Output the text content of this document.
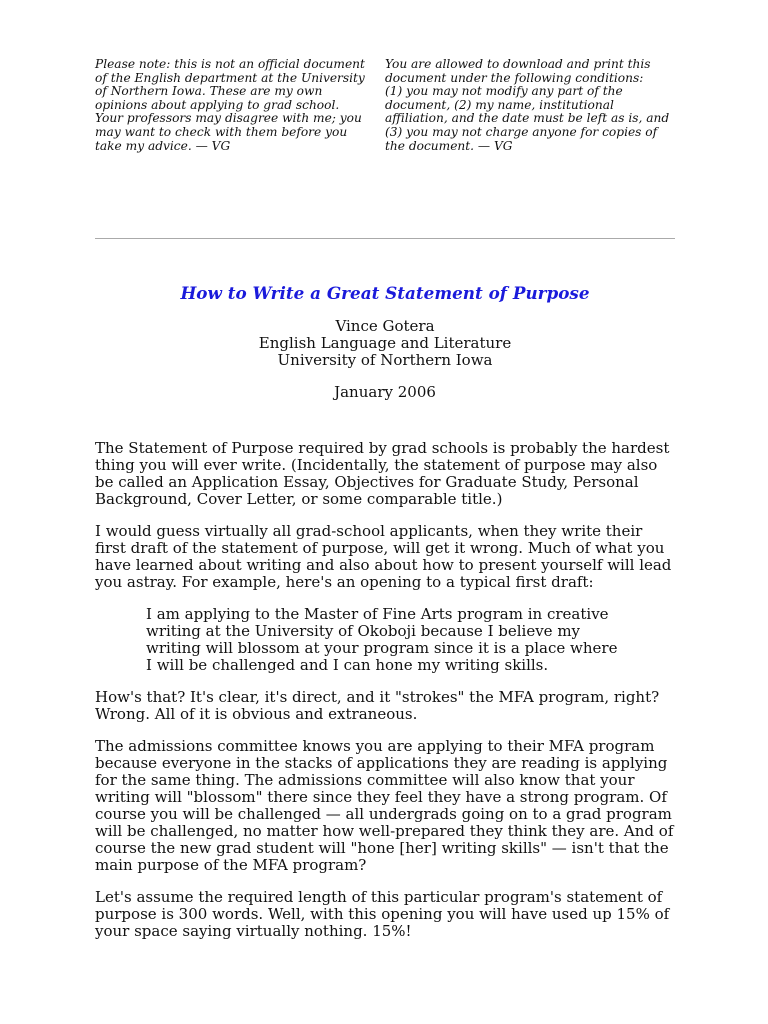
Please note: this is not an official document of the English department at the University of Northern Iowa. These are my own opinions about applying to grad school. Your professors may disagree with me; you may want to check with them before you take my advice. — VG

You are allowed to download and print this document under the following conditions:

(1) you may not modify any part of the document, (2) my name, institutional affiliation, and the date must be left as is, and (3) you may not charge anyone for copies of the document. — VG

How to Write a Great Statement of Purpose
Vince Gotera
English Language and Literature
University of Northern Iowa
January 2006

The Statement of Purpose required by grad schools is probably the hardest thing you will ever write. (Incidentally, the statement of purpose may also be called an Application Essay, Objectives for Graduate Study, Personal Background, Cover Letter, or some comparable title.)

I would guess virtually all grad-school applicants, when they write their first draft of the statement of purpose, will get it wrong. Much of what you have learned about writing and also about how to present yourself will lead you astray. For example, here's an opening to a typical first draft:

I am applying to the Master of Fine Arts program in creative writing at the University of Okoboji because I believe my writing will blossom at your program since it is a place where I will be challenged and I can hone my writing skills.

How's that? It's clear, it's direct, and it "strokes" the MFA program, right? Wrong. All of it is obvious and extraneous.

The admissions committee knows you are applying to their MFA program because everyone in the stacks of applications they are reading is applying for the same thing. The admissions committee will also know that your writing will "blossom" there since they feel they have a strong program. Of course you will be challenged — all undergrads going on to a grad program will be challenged, no matter how well-prepared they think they are. And of course the new grad student will "hone [her] writing skills" — isn't that the main purpose of the MFA program?

Let's assume the required length of this particular program's statement of purpose is 300 words. Well, with this opening you will have used up 15% of your space saying virtually nothing. 15%!
